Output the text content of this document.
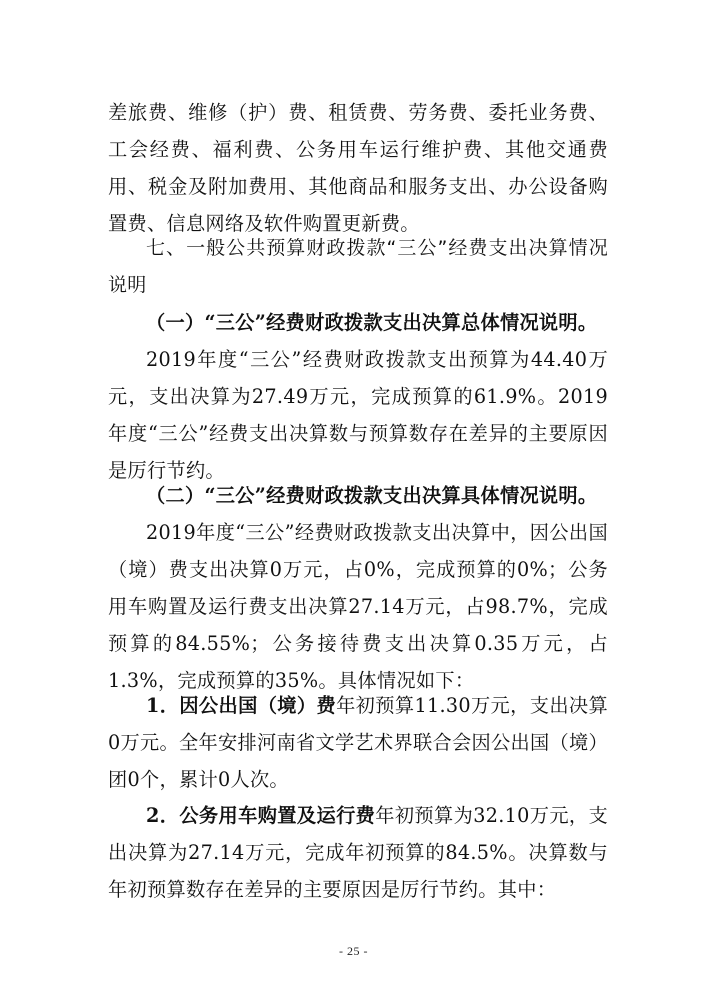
差旅费、维修（护）费、租赁费、劳务费、委托业务费、工会经费、福利费、公务用车运行维护费、其他交通费用、税金及附加费用、其他商品和服务支出、办公设备购置费、信息网络及软件购置更新费。

七、一般公共预算财政拨款“三公”经费支出决算情况说明

（一）“三公”经费财政拨款支出决算总体情况说明。

2019年度“三公”经费财政拨款支出预算为44.40万元，支出决算为27.49万元，完成预算的61.9%。2019年度“三公”经费支出决算数与预算数存在差异的主要原因是厉行节约。

（二）“三公”经费财政拨款支出决算具体情况说明。

2019年度“三公”经费财政拨款支出决算中，因公出国（境）费支出决算0万元，占0%，完成预算的0%；公务用车购置及运行费支出决算27.14万元，占98.7%，完成预算的84.55%；公务接待费支出决算0.35万元，占1.3%，完成预算的35%。具体情况如下：

1．因公出国（境）费年初预算11.30万元，支出决算0万元。全年安排河南省文学艺术界联合会因公出国（境）团0个，累计0人次。

2．公务用车购置及运行费年初预算为32.10万元，支出决算为27.14万元，完成年初预算的84.5%。决算数与年初预算数存在差异的主要原因是厉行节约。其中：

- 25 -
